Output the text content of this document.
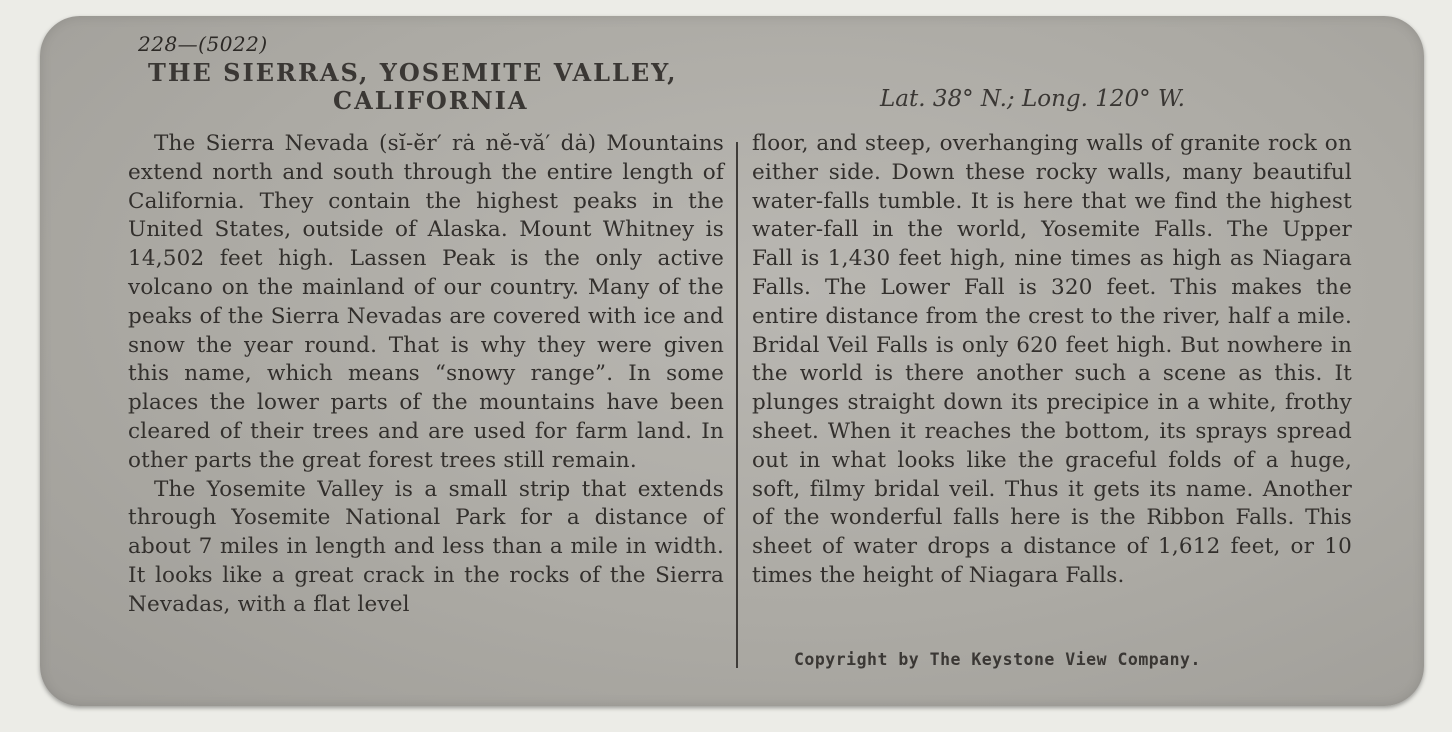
228—(5022)
THE SIERRAS, YOSEMITE VALLEY,
CALIFORNIA	Lat. 38° N.; Long. 120° W.

The Sierra Nevada (sĭ-ĕr′ rȧ nĕ-vă′ dȧ) Mountains extend north and south through the entire length of California. They contain the highest peaks in the United States, outside of Alaska. Mount Whitney is 14,502 feet high. Lassen Peak is the only active volcano on the mainland of our country. Many of the peaks of the Sierra Nevadas are covered with ice and snow the year round. That is why they were given this name, which means “snowy range”. In some places the lower parts of the mountains have been cleared of their trees and are used for farm land. In other parts the great forest trees still remain.

The Yosemite Valley is a small strip that extends through Yosemite National Park for a distance of about 7 miles in length and less than a mile in width. It looks like a great crack in the rocks of the Sierra Nevadas, with a flat level

floor, and steep, overhanging walls of granite rock on either side. Down these rocky walls, many beautiful water-falls tumble. It is here that we find the highest water-fall in the world, Yosemite Falls. The Upper Fall is 1,430 feet high, nine times as high as Niagara Falls. The Lower Fall is 320 feet. This makes the entire distance from the crest to the river, half a mile. Bridal Veil Falls is only 620 feet high. But nowhere in the world is there another such a scene as this. It plunges straight down its precipice in a white, frothy sheet. When it reaches the bottom, its sprays spread out in what looks like the graceful folds of a huge, soft, filmy bridal veil. Thus it gets its name. Another of the wonderful falls here is the Ribbon Falls. This sheet of water drops a distance of 1,612 feet, or 10 times the height of Niagara Falls.

Copyright by The Keystone View Company.
